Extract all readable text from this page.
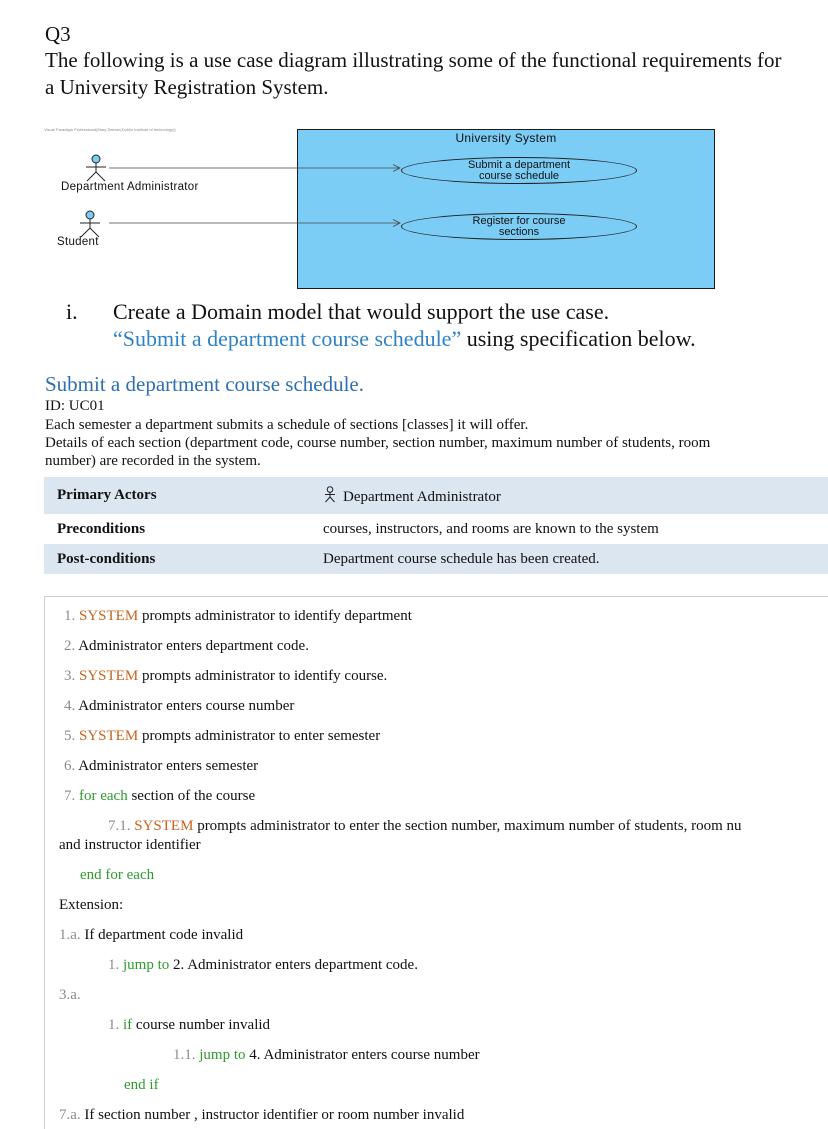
Q3
The following is a use case diagram illustrating some of the functional requirements for a University Registration System.
Visual Paradigm Professional(Mary Dalmer(Dublin Institute of technology))
University System
Submit a department
course schedule
Register for course
sections
Department Administrator
Student
i. Create a Domain model that would support the use case.
“Submit a department course schedule” using specification below.
Submit a department course schedule.
ID: UC01
Each semester a department submits a schedule of sections [classes] it will offer.
Details of each section (department code, course number, section number, maximum number of students, room number) are recorded in the system.
Primary Actors	Department Administrator
Preconditions	courses, instructors, and rooms are known to the system
Post-conditions	Department course schedule has been created.
1. SYSTEM prompts administrator to identify department
2. Administrator enters department code.
3. SYSTEM prompts administrator to identify course.
4. Administrator enters course number
5. SYSTEM prompts administrator to enter semester
6. Administrator enters semester
7. for each section of the course
7.1. SYSTEM prompts administrator to enter the section number, maximum number of students, room nu
and instructor identifier
end for each
Extension:
1.a. If department code invalid
1. jump to 2. Administrator enters department code.
3.a.
1. if course number invalid
1.1. jump to 4. Administrator enters course number
end if
7.a. If section number , instructor identifier or room number invalid
